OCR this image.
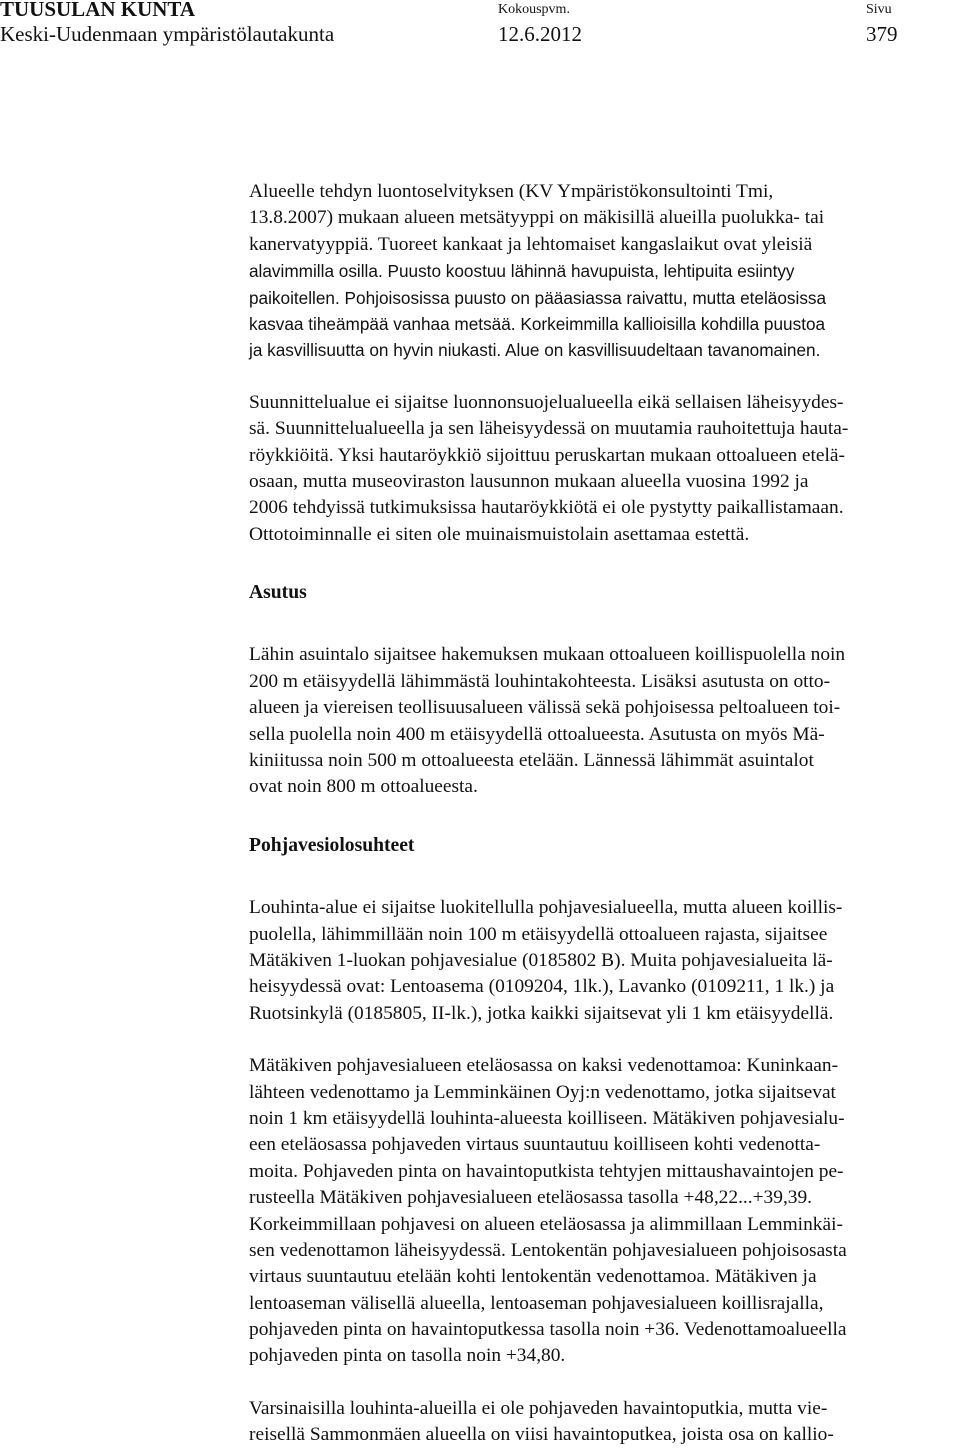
TUUSULAN KUNTA
Keski-Uudenmaan ympäristölautakunta
Kokouspvm.
12.6.2012
Sivu
379
Alueelle tehdyn luontoselvityksen (KV Ympäristökonsultointi Tmi,
13.8.2007) mukaan alueen metsätyyppi on mäkisillä alueilla puolukka- tai
kanervatyyppiä. Tuoreet kankaat ja lehtomaiset kangaslaikut ovat yleisiä
alavimmilla osilla. Puusto koostuu lähinnä havupuista, lehtipuita esiintyy
paikoitellen. Pohjoisosissa puusto on pääasiassa raivattu, mutta eteläosissa
kasvaa tiheämpää vanhaa metsää. Korkeimmilla kallioisilla kohdilla puustoa
ja kasvillisuutta on hyvin niukasti. Alue on kasvillisuudeltaan tavanomainen.
Suunnittelualue ei sijaitse luonnonsuojelualueella eikä sellaisen läheisyydes-
sä. Suunnittelualueella ja sen läheisyydessä on muutamia rauhoitettuja hauta-
röykkiöitä. Yksi hautaröykkiö sijoittuu peruskartan mukaan ottoalueen etelä-
osaan, mutta museoviraston lausunnon mukaan alueella vuosina 1992 ja
2006 tehdyissä tutkimuksissa hautaröykkiötä ei ole pystytty paikallistamaan.
Ottotoiminnalle ei siten ole muinaismuistolain asettamaa estettä.
Asutus
Lähin asuintalo sijaitsee hakemuksen mukaan ottoalueen koillispuolella noin
200 m etäisyydellä lähimmästä louhintakohteesta. Lisäksi asutusta on otto-
alueen ja viereisen teollisuusalueen välissä sekä pohjoisessa peltoalueen toi-
sella puolella noin 400 m etäisyydellä ottoalueesta. Asutusta on myös Mä-
kiniitussa noin 500 m ottoalueesta etelään. Lännessä lähimmät asuintalot
ovat noin 800 m ottoalueesta.
Pohjavesiolosuhteet
Louhinta-alue ei sijaitse luokitellulla pohjavesialueella, mutta alueen koillis-
puolella, lähimmillään noin 100 m etäisyydellä ottoalueen rajasta, sijaitsee
Mätäkiven 1-luokan pohjavesialue (0185802 B). Muita pohjavesialueita lä-
heisyydessä ovat: Lentoasema (0109204, 1lk.), Lavanko (0109211, 1 lk.) ja
Ruotsinkylä (0185805, II-lk.), jotka kaikki sijaitsevat yli 1 km etäisyydellä.
Mätäkiven pohjavesialueen eteläosassa on kaksi vedenottamoa: Kuninkaan-
lähteen vedenottamo ja Lemminkäinen Oyj:n vedenottamo, jotka sijaitsevat
noin 1 km etäisyydellä louhinta-alueesta koilliseen. Mätäkiven pohjavesialu-
een eteläosassa pohjaveden virtaus suuntautuu koilliseen kohti vedenotta-
moita. Pohjaveden pinta on havaintoputkista tehtyjen mittaushavaintojen pe-
rusteella Mätäkiven pohjavesialueen eteläosassa tasolla +48,22...+39,39.
Korkeimmillaan pohjavesi on alueen eteläosassa ja alimmillaan Lemminkäi-
sen vedenottamon läheisyydessä. Lentokentän pohjavesialueen pohjoisosasta
virtaus suuntautuu etelään kohti lentokentän vedenottamoa. Mätäkiven ja
lentoaseman välisellä alueella, lentoaseman pohjavesialueen koillisrajalla,
pohjaveden pinta on havaintoputkessa tasolla noin +36. Vedenottamoalueella
pohjaveden pinta on tasolla noin +34,80.
Varsinaisilla louhinta-alueilla ei ole pohjaveden havaintoputkia, mutta vie-
reisellä Sammonmäen alueella on viisi havaintoputkea, joista osa on kallio-
